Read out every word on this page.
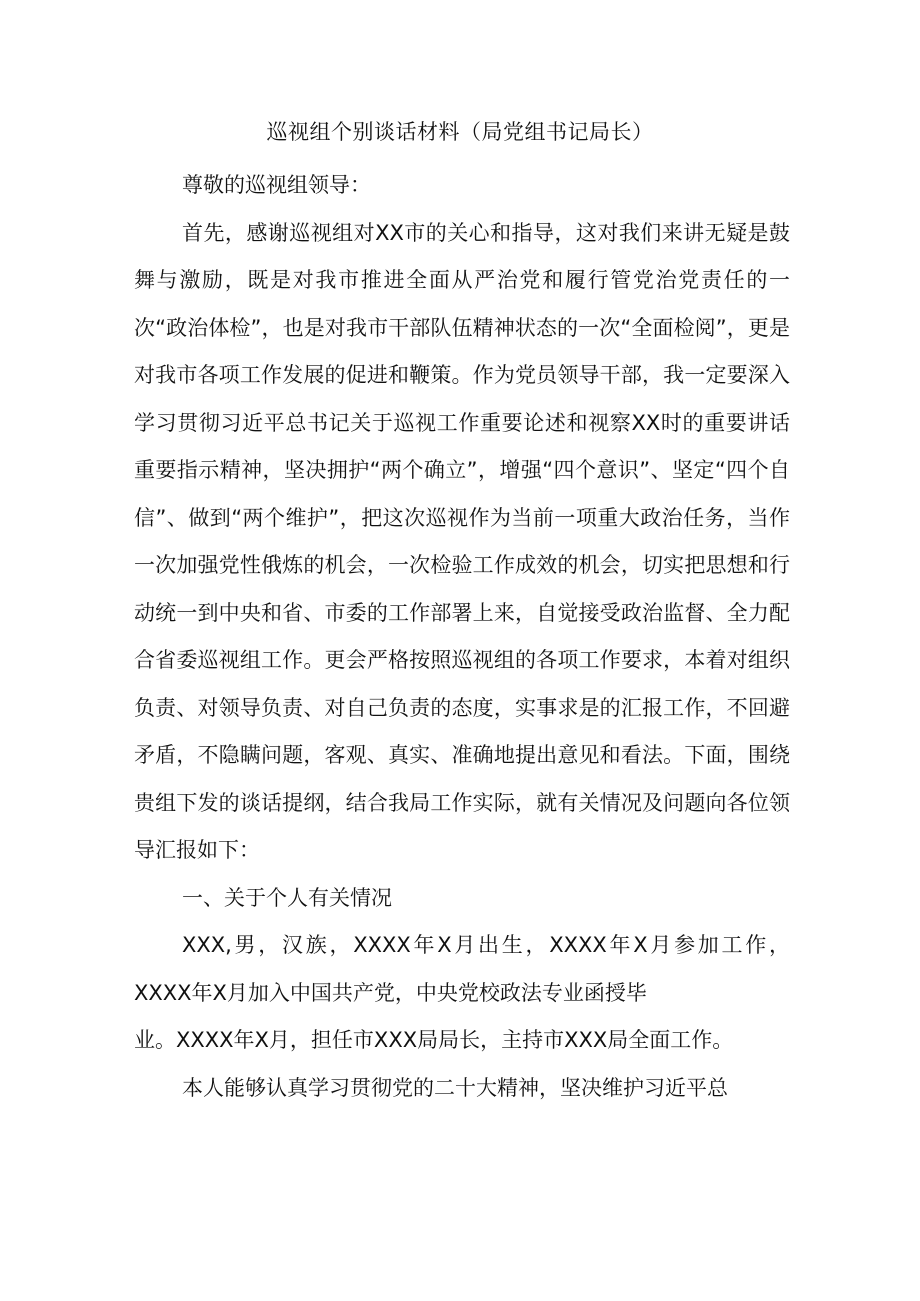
巡视组个别谈话材料（局党组书记局长）

尊敬的巡视组领导：

首先，感谢巡视组对XX市的关心和指导，这对我们来讲无疑是鼓舞与激励，既是对我市推进全面从严治党和履行管党治党责任的一次“政治体检”，也是对我市干部队伍精神状态的一次“全面检阅”，更是对我市各项工作发展的促进和鞭策。作为党员领导干部，我一定要深入学习贯彻习近平总书记关于巡视工作重要论述和视察XX时的重要讲话重要指示精神，坚决拥护“两个确立”，增强“四个意识”、坚定“四个自信”、做到“两个维护”，把这次巡视作为当前一项重大政治任务，当作一次加强党性俄炼的机会，一次检验工作成效的机会，切实把思想和行动统一到中央和省、市委的工作部署上来，自觉接受政治监督、全力配合省委巡视组工作。更会严格按照巡视组的各项工作要求，本着对组织负责、对领导负责、对自己负责的态度，实事求是的汇报工作，不回避矛盾，不隐瞒问题，客观、真实、准确地提出意见和看法。下面，围绕贵组下发的谈话提纲，结合我局工作实际，就有关情况及问题向各位领导汇报如下：

一、关于个人有关情况

XXX,男，汉族，XXXX年X月出生，XXXX年X月参加工作，XXXX年X月加入中国共产党，中央党校政法专业函授毕

业。XXXX年X月，担任市XXX局局长，主持市XXX局全面工作。

本人能够认真学习贯彻党的二十大精神，坚决维护习近平总
